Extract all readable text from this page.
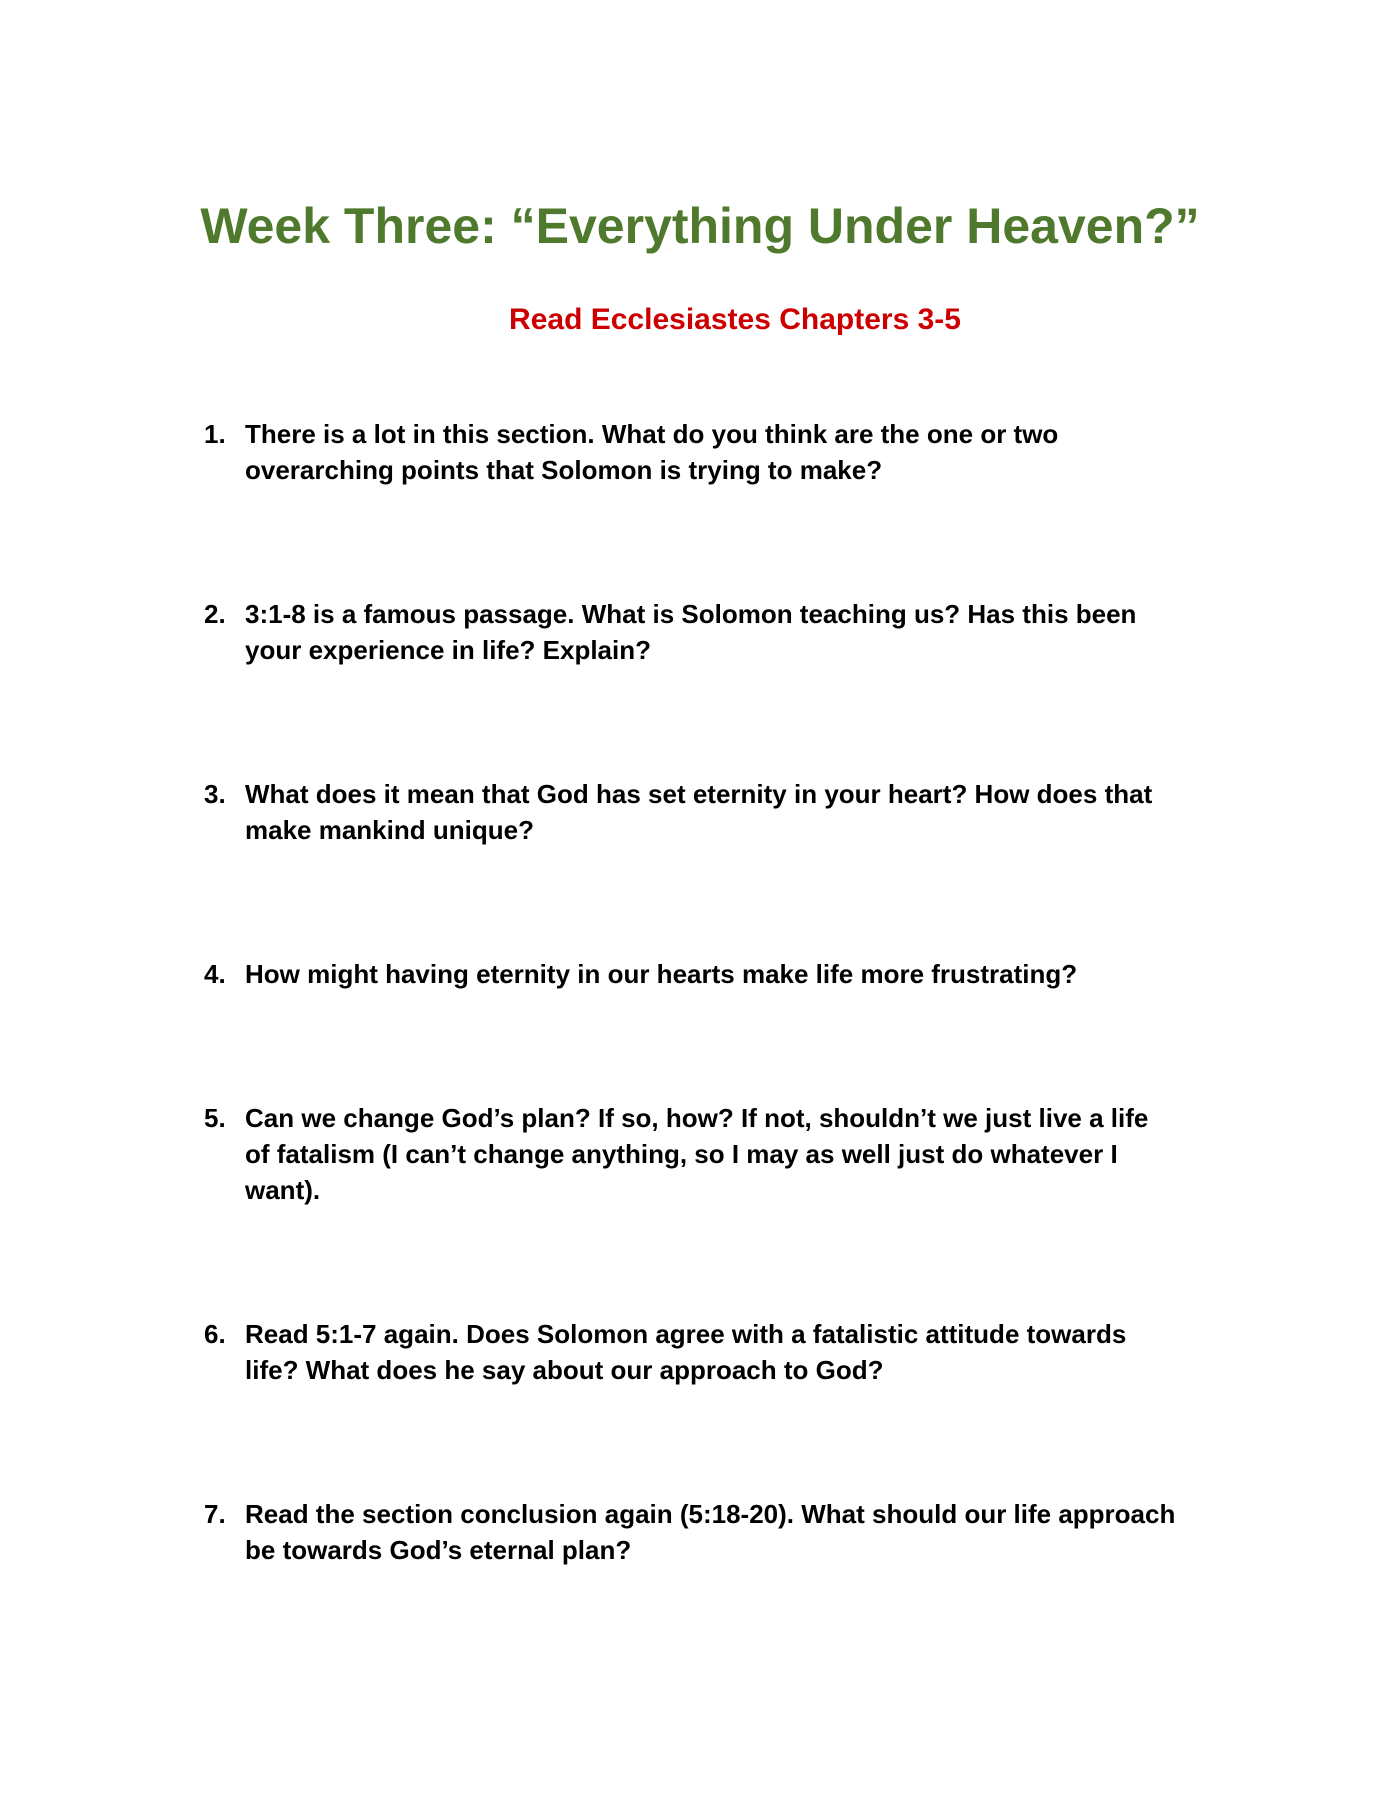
Week Three: “Everything Under Heaven?”
Read Ecclesiastes Chapters 3-5
1. There is a lot in this section. What do you think are the one or two
overarching points that Solomon is trying to make?
2. 3:1-8 is a famous passage. What is Solomon teaching us? Has this been
your experience in life? Explain?
3. What does it mean that God has set eternity in your heart? How does that
make mankind unique?
4. How might having eternity in our hearts make life more frustrating?
5. Can we change God’s plan? If so, how? If not, shouldn’t we just live a life
of fatalism (I can’t change anything, so I may as well just do whatever I
want).
6. Read 5:1-7 again. Does Solomon agree with a fatalistic attitude towards
life? What does he say about our approach to God?
7. Read the section conclusion again (5:18-20). What should our life approach
be towards God’s eternal plan?
